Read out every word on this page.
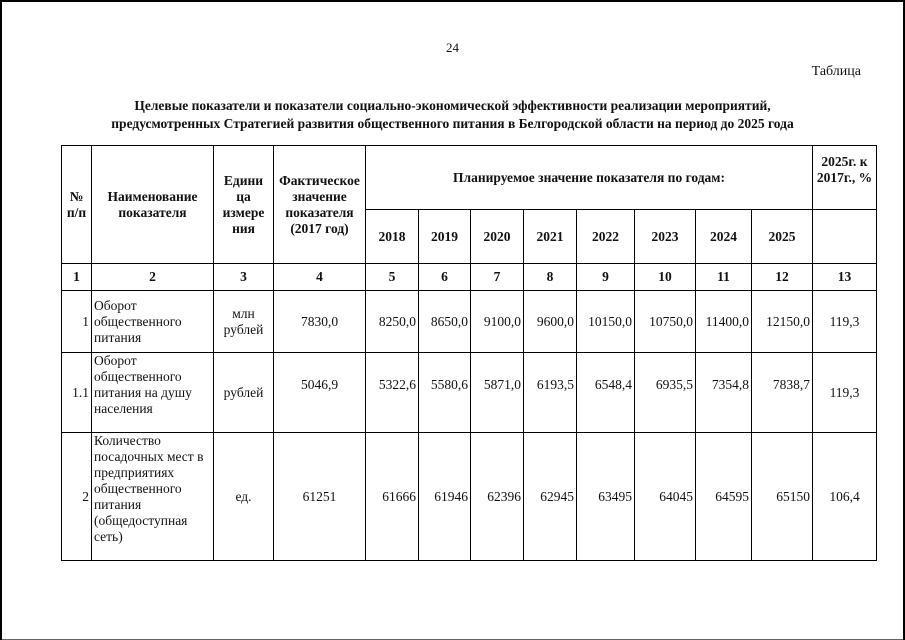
24
Таблица
Целевые показатели и показатели социально-экономической эффективности реализации мероприятий,
предусмотренных Стратегией развития общественного питания в Белгородской области на период до 2025 года
№ п/п	Наименование показателя	Едини ца измере ния	Фактическое значение показателя (2017 год)	Планируемое значение показателя по годам:								2025г. к 2017г., %
				2018	2019	2020	2021	2022	2023	2024	2025	
1	2	3	4	5	6	7	8	9	10	11	12	13
1	Оборот общественного питания	млн рублей	7830,0	8250,0	8650,0	9100,0	9600,0	10150,0	10750,0	11400,0	12150,0	119,3
1.1	Оборот общественного питания на душу населения	рублей	5046,9	5322,6	5580,6	5871,0	6193,5	6548,4	6935,5	7354,8	7838,7	119,3
2	Количество посадочных мест в предприятиях общественного питания (общедоступная сеть)	ед.	61251	61666	61946	62396	62945	63495	64045	64595	65150	106,4
